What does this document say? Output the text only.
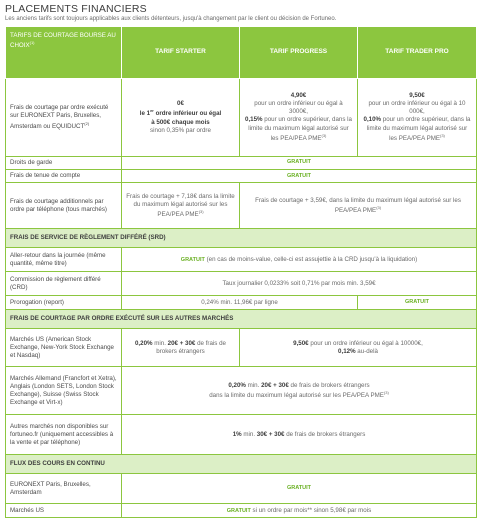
PLACEMENTS FINANCIERS
Les anciens tarifs sont toujours applicables aux clients détenteurs, jusqu'à changement par le client ou décision de Fortuneo.
TARIFS DE COURTAGE BOURSE AU CHOIX$^{(1)}$	TARIF STARTER	TARIF PROGRESS	TARIF TRADER PRO
Frais de courtage par ordre exécuté sur EURONEXT Paris, Bruxelles, Amsterdam ou EQUIDUCT$^{(2)}$	0€
le 1er ordre inférieur ou égal
à 500€ chaque mois
sinon 0,35% par ordre	4,90€
pour un ordre inférieur ou égal à 3000€,
0,15% pour un ordre supérieur, dans la limite du maximum légal autorisé sur les PEA/PEA PME$^{(3)}$	9,50€
pour un ordre inférieur ou égal à 10 000€,
0,10% pour un ordre supérieur, dans la limite du maximum légal autorisé sur les PEA/PEA PME$^{(3)}$
Droits de garde	GRATUIT		
Frais de tenue de compte	GRATUIT		
Frais de courtage additionnels par ordre par téléphone (tous marchés)	Frais de courtage + 7,18€ dans la limite du maximum légal autorisé sur les PEA/PEA PME$^{(3)}$	Frais de courtage + 3,59€, dans la limite du maximum légal autorisé sur les PEA/PEA PME$^{(3)}$
FRAIS DE SERVICE DE RÈGLEMENT DIFFÉRÉ (SRD)			
Aller-retour dans la journée (même quantité, même titre)	GRATUIT (en cas de moins-value, celle-ci est assujettie à la CRD jusqu'à la liquidation)		
Commission de règlement différé (CRD)	Taux journalier 0,0233% soit 0,71% par mois min. 3,59€		
Prorogation (report)	0,24% min. 11,96€ par ligne		GRATUIT
FRAIS DE COURTAGE PAR ORDRE EXÉCUTÉ SUR LES AUTRES MARCHÉS			
Marchés US (American Stock Exchange, New-York Stock Exchange et Nasdaq)	0,20% min. 20€ + 30€ de frais de brokers étrangers	9,50€ pour un ordre inférieur ou égal à 10000€,
0,12% au-delà	
Marchés Allemand (Francfort et Xetra), Anglais (London SETS, London Stock Exchange), Suisse (Swiss Stock Exchange et Virt-x)	0,20% min. 20€ + 30€ de frais de brokers étrangers
dans la limite du maximum légal autorisé sur les PEA/PEA PME$^{(3)}$
Autres marchés non disponibles sur fortuneo.fr (uniquement accessibles à la vente et par téléphone)	1% min. 30€ + 30€ de frais de brokers étrangers		
FLUX DES COURS EN CONTINU			
EURONEXT Paris, Bruxelles, Amsterdam	GRATUIT		
Marchés US	GRATUIT si un ordre par mois** sinon 5,98€ par mois		
